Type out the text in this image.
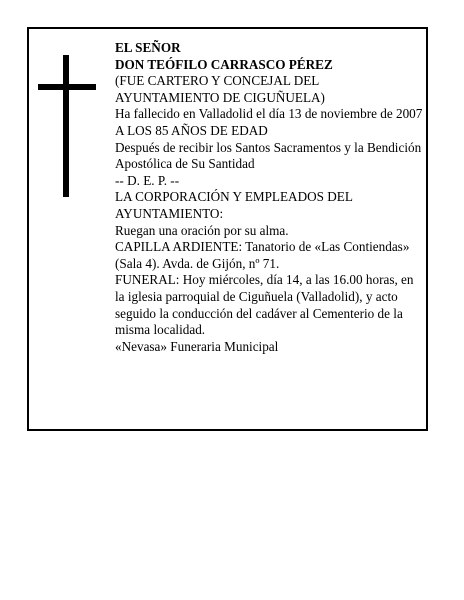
EL SEÑOR
DON TEÓFILO CARRASCO PÉREZ
(FUE CARTERO Y CONCEJAL DEL AYUNTAMIENTO DE CIGUÑUELA)
Ha fallecido en Valladolid el día 13 de noviembre de 2007
A LOS 85 AÑOS DE EDAD
Después de recibir los Santos Sacramentos y la Bendición Apostólica de Su Santidad
-- D. E. P. --
LA CORPORACIÓN Y EMPLEADOS DEL AYUNTAMIENTO:
Ruegan una oración por su alma.
CAPILLA ARDIENTE: Tanatorio de «Las Contiendas» (Sala 4). Avda. de Gijón, nº 71.
FUNERAL: Hoy miércoles, día 14, a las 16.00 horas, en la iglesia parroquial de Ciguñuela (Valladolid), y acto seguido la conducción del cadáver al Cementerio de la misma localidad.
«Nevasa» Funeraria Municipal
